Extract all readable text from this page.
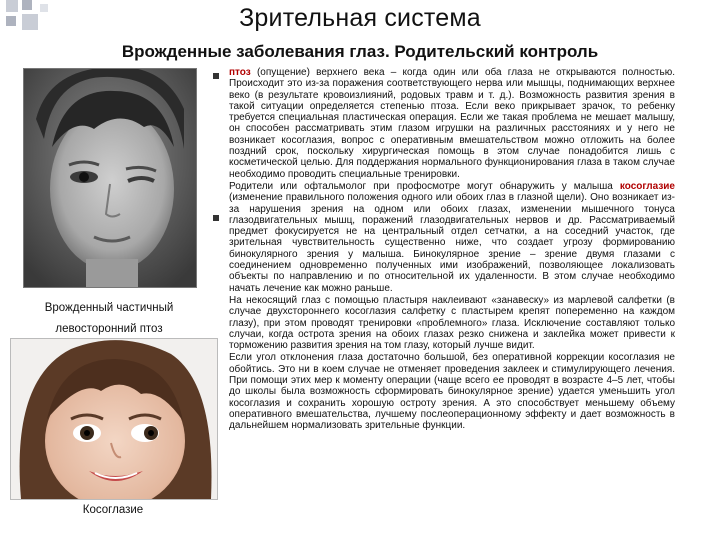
Зрительная система
Врожденные заболевания глаз. Родительский контроль
Врожденный частичный
левосторонний птоз
Косоглазие

птоз (опущение) верхнего века – когда один или оба глаза не открываются полностью. Происходит это из-за поражения соответствующего нерва или мышцы, поднимающих верхнее веко (в результате кровоизлияний, родовых травм и т. д.). Возможность развития зрения в такой ситуации определяется степенью птоза. Если веко прикрывает зрачок, то ребенку требуется специальная пластическая операция. Если же такая проблема не мешает малышу, он способен рассматривать этим глазом игрушки на различных расстояниях и у него не возникает косоглазия, вопрос с оперативным вмешательством можно отложить на более поздний срок, поскольку хирургическая помощь в этом случае понадобится лишь с косметической целью. Для поддержания нормального функционирования глаза в таком случае необходимо проводить специальные тренировки.

Родители или офтальмолог при профосмотре могут обнаружить у малыша косоглазие (изменение правильного положения одного или обоих глаз в глазной щели). Оно возникает из-за нарушения зрения на одном или обоих глазах, изменении мышечного тонуса глазодвигательных мышц, поражений глазодвигательных нервов и др. Рассматриваемый предмет фокусируется не на центральный отдел сетчатки, а на соседний участок, где зрительная чувствительность существенно ниже, что создает угрозу формированию бинокулярного зрения у малыша. Бинокулярное зрение – зрение двумя глазами с соединением одновременно полученных ими изображений, позволяющее локализовать объекты по направлению и по относительной их удаленности. В этом случае необходимо начать лечение как можно раньше.

На некосящий глаз с помощью пластыря наклеивают «занавеску» из марлевой салфетки (в случае двухстороннего косоглазия салфетку с пластырем крепят попеременно на каждом глазу), при этом проводят тренировки «проблемного» глаза. Исключение составляют только случаи, когда острота зрения на обоих глазах резко снижена и заклейка может привести к торможению развития зрения на том глазу, который лучше видит.

Если угол отклонения глаза достаточно большой, без оперативной коррекции косоглазия не обойтись. Это ни в коем случае не отменяет проведения заклеек и стимулирующего лечения. При помощи этих мер к моменту операции (чаще всего ее проводят в возрасте 4–5 лет, чтобы до школы была возможность сформировать бинокулярное зрение) удается уменьшить угол косоглазия и сохранить хорошую остроту зрения. А это способствует меньшему объему оперативного вмешательства, лучшему послеоперационному эффекту и дает возможность в дальнейшем нормализовать зрительные функции.
